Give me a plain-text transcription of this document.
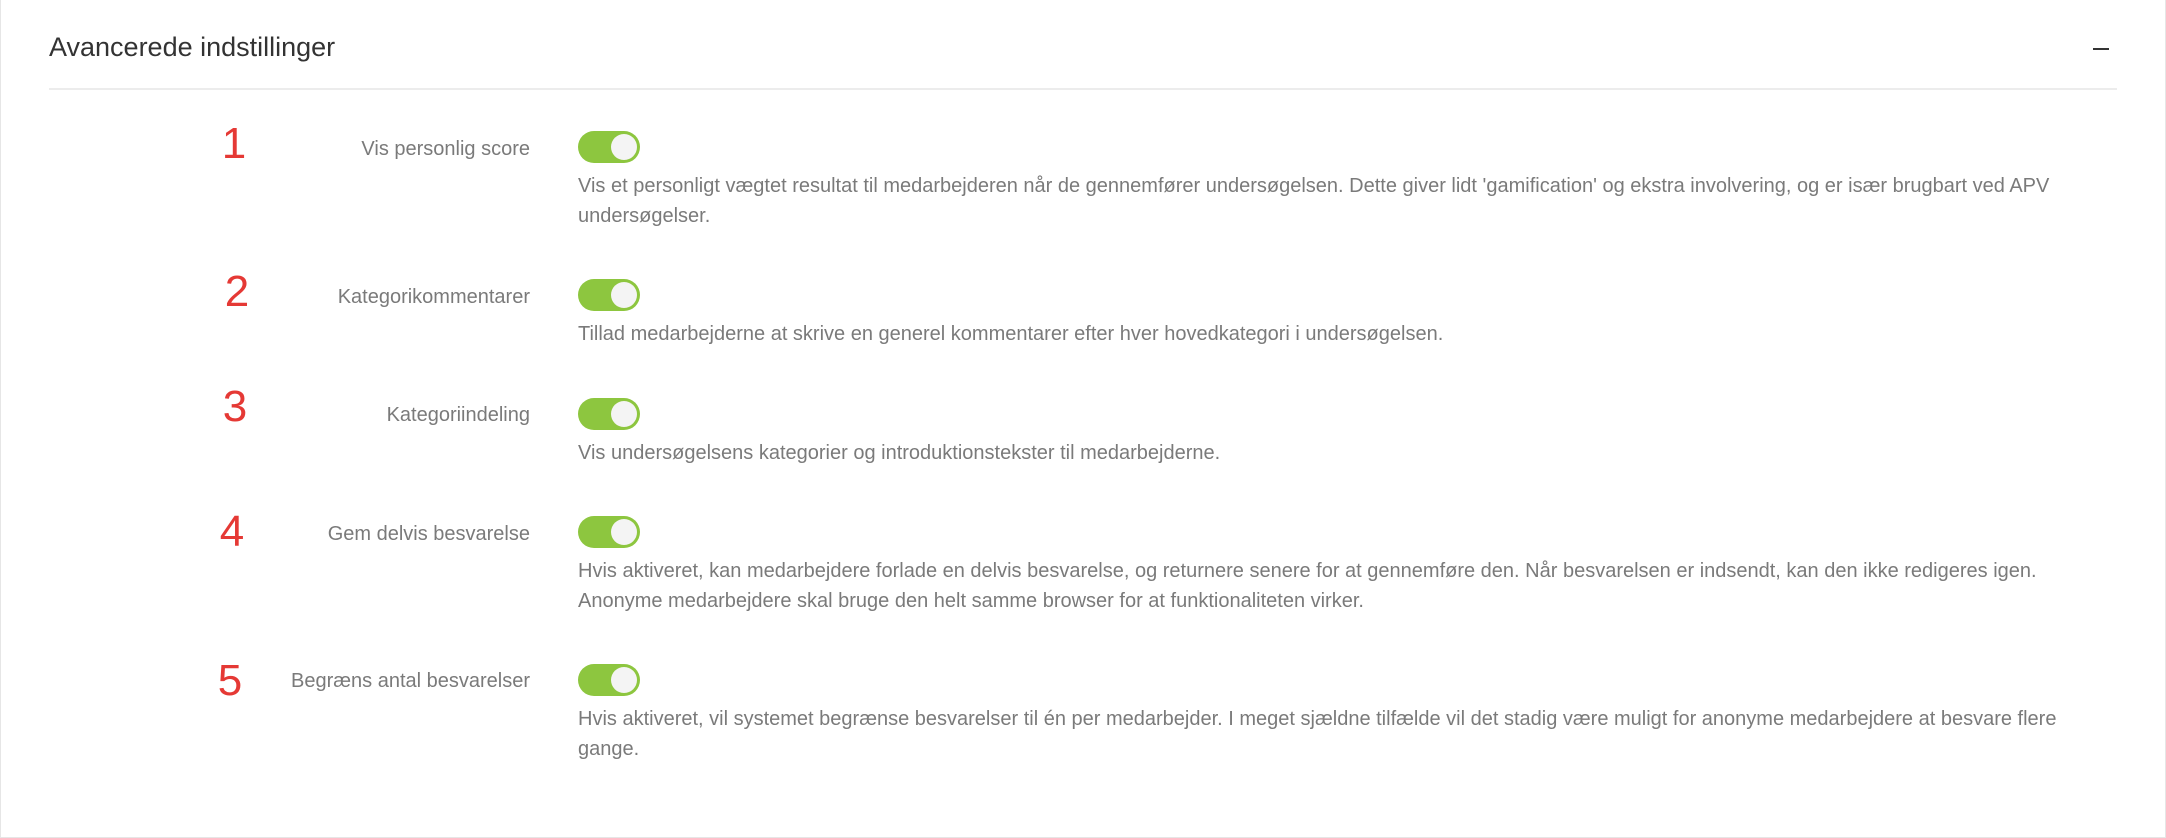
Avancerede indstillinger
1	Vis personlig score
Vis et personligt vægtet resultat til medarbejderen når de gennemfører undersøgelsen. Dette giver lidt 'gamification' og ekstra involvering, og er især brugbart ved APV undersøgelser.
2	Kategorikommentarer
Tillad medarbejderne at skrive en generel kommentarer efter hver hovedkategori i undersøgelsen.
3	Kategoriindeling
Vis undersøgelsens kategorier og introduktionstekster til medarbejderne.
4	Gem delvis besvarelse
Hvis aktiveret, kan medarbejdere forlade en delvis besvarelse, og returnere senere for at gennemføre den. Når besvarelsen er indsendt, kan den ikke redigeres igen. Anonyme medarbejdere skal bruge den helt samme browser for at funktionaliteten virker.
5	Begræns antal besvarelser
Hvis aktiveret, vil systemet begrænse besvarelser til én per medarbejder. I meget sjældne tilfælde vil det stadig være muligt for anonyme medarbejdere at besvare flere gange.
